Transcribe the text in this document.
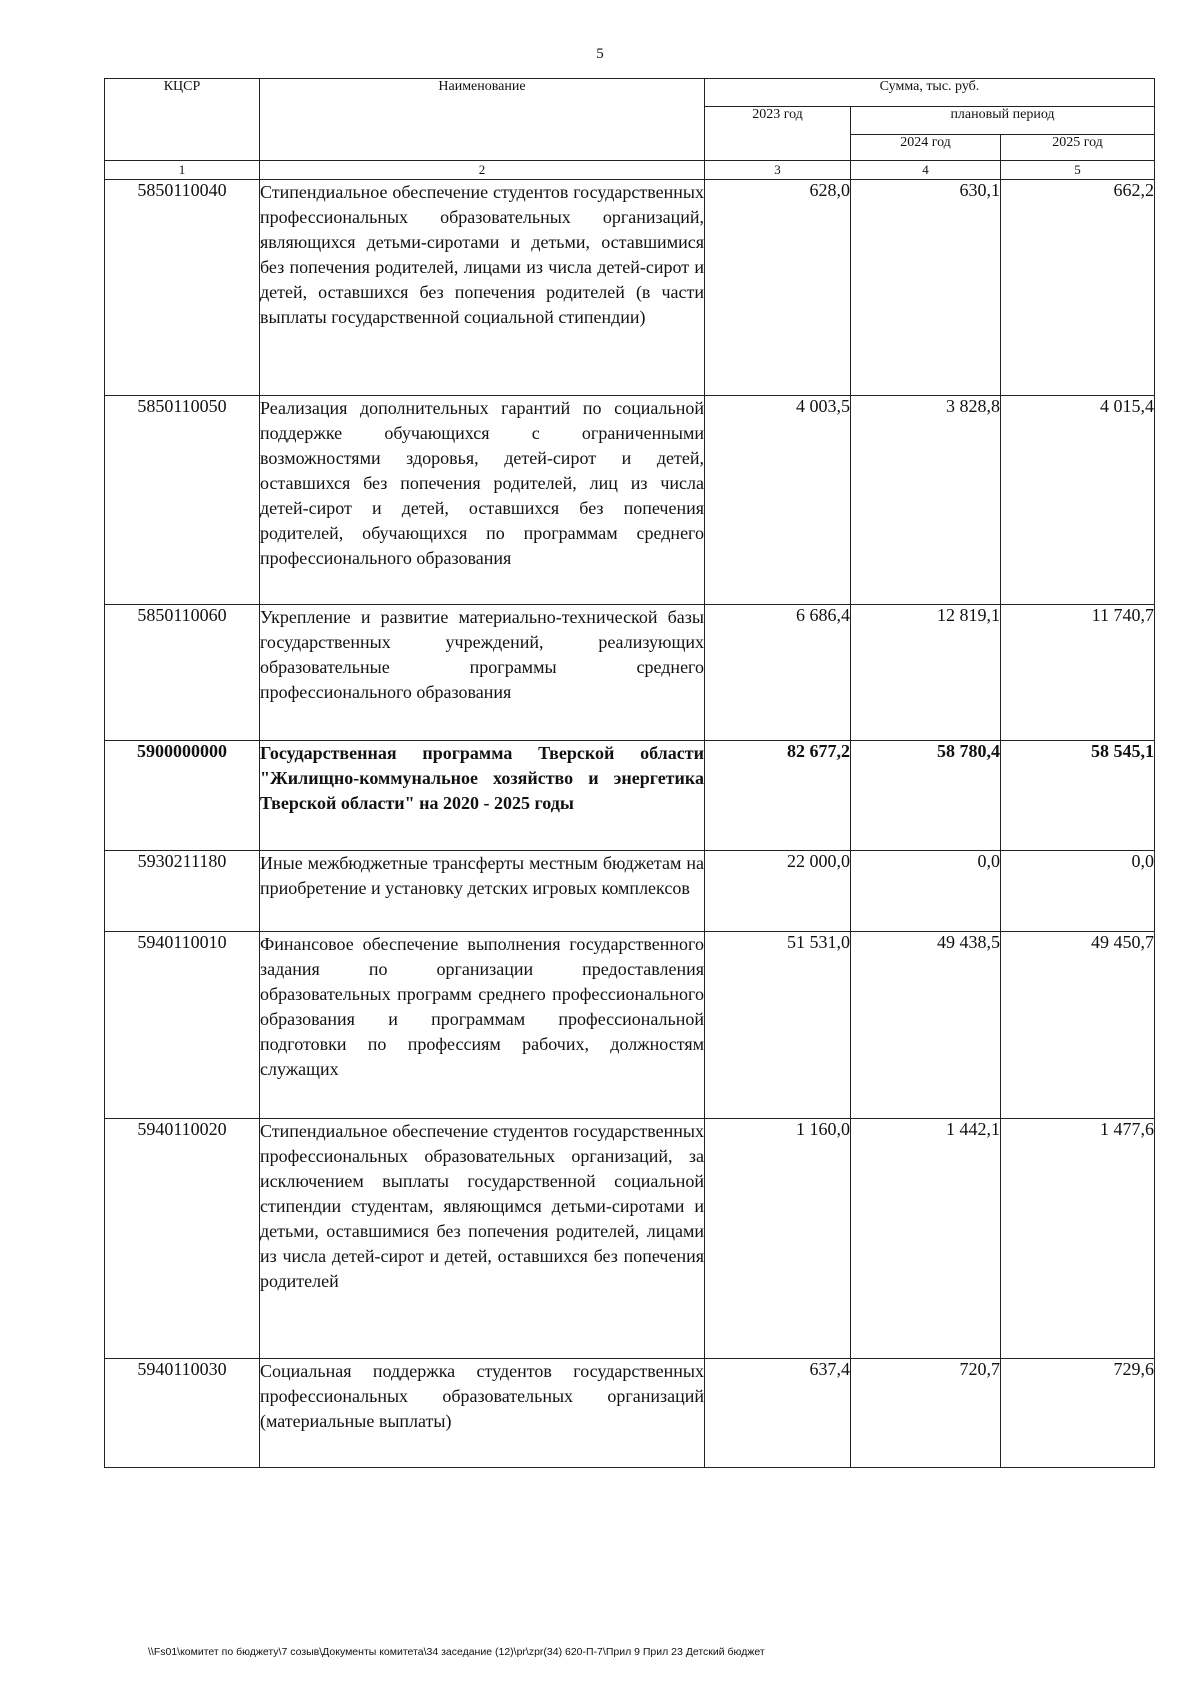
5
КЦСР	Наименование	Сумма, тыс. руб.		
		2023 год	плановый период	
			2024 год	2025 год
1	2	3	4	5
5850110040	Стипендиальное обеспечение студентов государственных профессиональных образовательных организаций, являющихся детьми-сиротами и детьми, оставшимися без попечения родителей, лицами из числа детей-сирот и детей, оставшихся без попечения родителей (в части выплаты государственной социальной стипендии)	628,0	630,1	662,2
5850110050	Реализация дополнительных гарантий по социальной поддержке обучающихся с ограниченными возможностями здоровья, детей-сирот и детей, оставшихся без попечения родителей, лиц из числа детей-сирот и детей, оставшихся без попечения родителей, обучающихся по программам среднего профессионального образования	4 003,5	3 828,8	4 015,4
5850110060	Укрепление и развитие материально-технической базы государственных учреждений, реализующих образовательные программы среднего профессионального образования	6 686,4	12 819,1	11 740,7
5900000000	Государственная программа Тверской области "Жилищно-коммунальное хозяйство и энергетика Тверской области" на 2020 - 2025 годы	82 677,2	58 780,4	58 545,1
5930211180	Иные межбюджетные трансферты местным бюджетам на приобретение и установку детских игровых комплексов	22 000,0	0,0	0,0
5940110010	Финансовое обеспечение выполнения государственного задания по организации предоставления образовательных программ среднего профессионального образования и программам профессиональной подготовки по профессиям рабочих, должностям служащих	51 531,0	49 438,5	49 450,7
5940110020	Стипендиальное обеспечение студентов государственных профессиональных образовательных организаций, за исключением выплаты государственной социальной стипендии студентам, являющимся детьми-сиротами и детьми, оставшимися без попечения родителей, лицами из числа детей-сирот и детей, оставшихся без попечения родителей	1 160,0	1 442,1	1 477,6
5940110030	Социальная поддержка студентов государственных профессиональных образовательных организаций (материальные выплаты)	637,4	720,7	729,6
\\Fs01\комитет по бюджету\7 созыв\Документы комитета\34 заседание (12)\pr\zpr(34) 620-П-7\Прил 9 Прил 23 Детский бюджет
